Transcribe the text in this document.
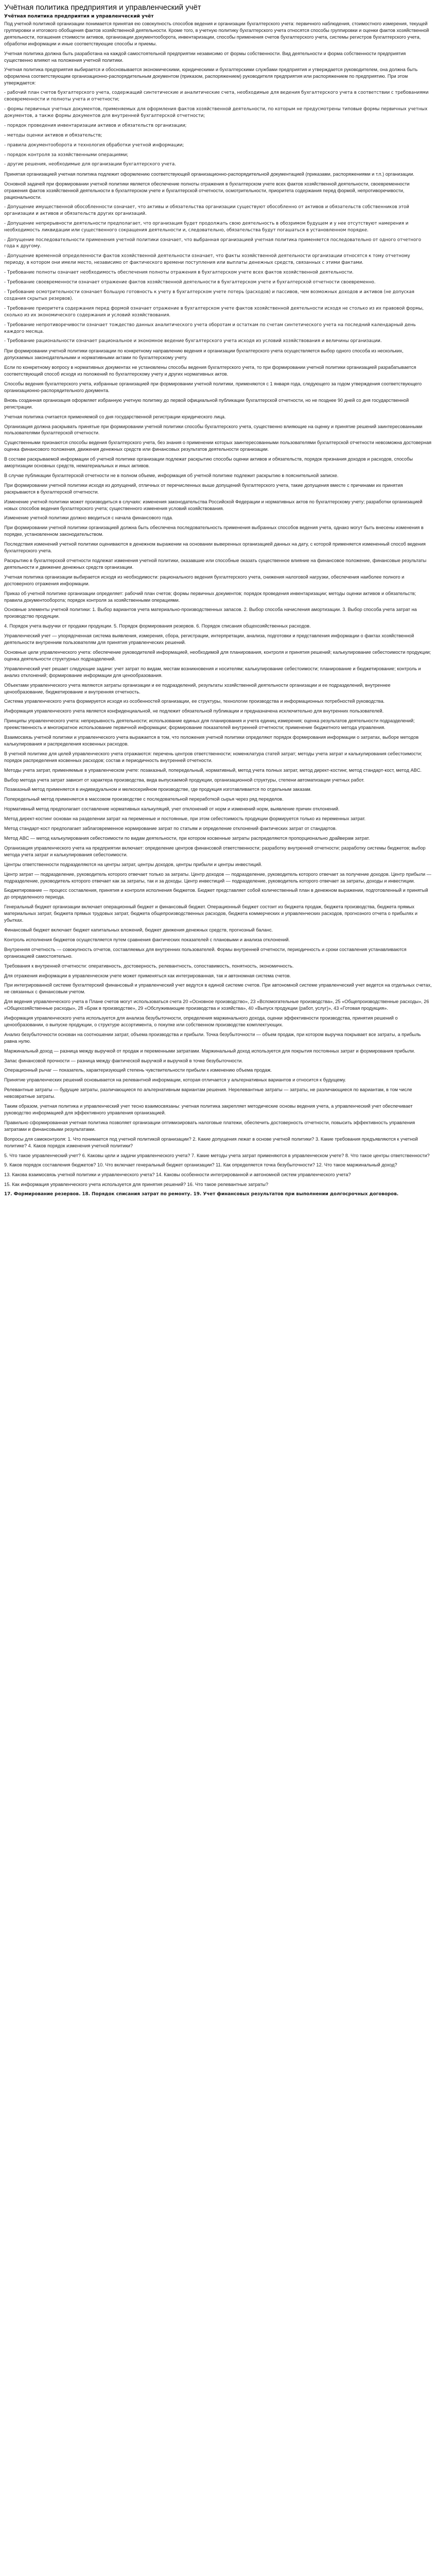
Учётная политика предприятия и управленческий учёт
Учётная политика предприятия и управленческий учёт

Под учетной политикой организации понимается принятая ею совокупность способов ведения и организации бухгалтерского учета: первичного наблюдения, стоимостного измерения, текущей группировки и итогового обобщения фактов хозяйственной деятельности. Кроме того, в учетную политику бухгалтерского учета относятся способы группировки и оценки фактов хозяйственной деятельности, погашения стоимости активов, организации документооборота, инвентаризации, способы применения счетов бухгалтерского учета, системы регистров бухгалтерского учета, обработки информации и иные соответствующие способы и приемы.

Учетная политика должна быть разработана на каждой самостоятельной предприятии независимо от формы собственности. Вид деятельности и форма собственности предприятия существенно влияют на положения учетной политики.

Учетная политика предприятия выбирается и обосновывается экономическими, юридическими и бухгалтерскими службами предприятия и утверждается руководителем, она должна быть оформлена соответствующим организационно-распорядительным документом (приказом, распоряжением) руководителя предприятия или распоряжением по предприятию. При этом утверждается:

- рабочий план счетов бухгалтерского учета, содержащий синтетические и аналитические счета, необходимые для ведения бухгалтерского учета в соответствии с требованиями своевременности и полноты учета и отчетности;

- формы первичных учетных документов, применяемых для оформления фактов хозяйственной деятельности, по которым не предусмотрены типовые формы первичных учетных документов, а также формы документов для внутренней бухгалтерской отчетности;

- порядок проведения инвентаризации активов и обязательств организации;

- методы оценки активов и обязательств;

- правила документооборота и технология обработки учетной информации;

- порядок контроля за хозяйственными операциями;

- другие решения, необходимые для организации бухгалтерского учета.

Принятая организацией учетная политика подлежит оформлению соответствующей организационно-распорядительной документацией (приказами, распоряжениями и т.п.) организации.

Основной задачей при формировании учетной политики является обеспечение полноты отражения в бухгалтерском учете всех фактов хозяйственной деятельности, своевременности отражения фактов хозяйственной деятельности в бухгалтерском учете и бухгалтерской отчетности, осмотрительности, приоритета содержания перед формой, непротиворечивости, рациональности.

- Допущение имущественной обособленности означает, что активы и обязательства организации существуют обособленно от активов и обязательств собственников этой организации и активов и обязательств других организаций.

- Допущение непрерывности деятельности предполагает, что организация будет продолжать свою деятельность в обозримом будущем и у нее отсутствуют намерения и необходимость ликвидации или существенного сокращения деятельности и, следовательно, обязательства будут погашаться в установленном порядке.

- Допущение последовательности применения учетной политики означает, что выбранная организацией учетная политика применяется последовательно от одного отчетного года к другому.

- Допущение временной определенности фактов хозяйственной деятельности означает, что факты хозяйственной деятельности организации относятся к тому отчетному периоду, в котором они имели место, независимо от фактического времени поступления или выплаты денежных средств, связанных с этими фактами.

- Требование полноты означает необходимость обеспечения полноты отражения в бухгалтерском учете всех фактов хозяйственной деятельности.

- Требование своевременности означает отражение фактов хозяйственной деятельности в бухгалтерском учете и бухгалтерской отчетности своевременно.

- Требование осмотрительности означает большую готовность к учету в бухгалтерском учете потерь (расходов) и пассивов, чем возможных доходов и активов (не допуская создания скрытых резервов).

- Требование приоритета содержания перед формой означает отражение в бухгалтерском учете фактов хозяйственной деятельности исходя не столько из их правовой формы, сколько из их экономического содержания и условий хозяйствования.

- Требование непротиворечивости означает тождество данных аналитического учета оборотам и остаткам по счетам синтетического учета на последний календарный день каждого месяца.

- Требование рациональности означает рациональное и экономное ведение бухгалтерского учета исходя из условий хозяйствования и величины организации.

При формировании учетной политики организации по конкретному направлению ведения и организации бухгалтерского учета осуществляется выбор одного способа из нескольких, допускаемых законодательными и нормативными актами по бухгалтерскому учету.

Если по конкретному вопросу в нормативных документах не установлены способы ведения бухгалтерского учета, то при формировании учетной политики организацией разрабатывается соответствующий способ исходя из положений по бухгалтерскому учету и других нормативных актов.

Способы ведения бухгалтерского учета, избранные организацией при формировании учетной политики, применяются с 1 января года, следующего за годом утверждения соответствующего организационно-распорядительного документа.

Вновь созданная организация оформляет избранную учетную политику до первой официальной публикации бухгалтерской отчетности, но не позднее 90 дней со дня государственной регистрации.

Учетная политика считается применяемой со дня государственной регистрации юридического лица.

Организация должна раскрывать принятые при формировании учетной политики способы бухгалтерского учета, существенно влияющие на оценку и принятие решений заинтересованными пользователями бухгалтерской отчетности.

Существенными признаются способы ведения бухгалтерского учета, без знания о применении которых заинтересованными пользователями бухгалтерской отчетности невозможна достоверная оценка финансового положения, движения денежных средств или финансовых результатов деятельности организации.

В составе раскрываемой информации об учетной политике организации подлежат раскрытию способы оценки активов и обязательств, порядок признания доходов и расходов, способы амортизации основных средств, нематериальных и иных активов.

В случае публикации бухгалтерской отчетности не в полном объеме, информация об учетной политике подлежит раскрытию в пояснительной записке.

При формировании учетной политики исходя из допущений, отличных от перечисленных выше допущений бухгалтерского учета, такие допущения вместе с причинами их принятия раскрываются в бухгалтерской отчетности.

Изменение учетной политики может производиться в случаях: изменения законодательства Российской Федерации и нормативных актов по бухгалтерскому учету; разработки организацией новых способов ведения бухгалтерского учета; существенного изменения условий хозяйствования.

Изменение учетной политики должно вводиться с начала финансового года.

При формировании учетной политики организацией должна быть обеспечена последовательность применения выбранных способов ведения учета, однако могут быть внесены изменения в порядке, установленном законодательством.

Последствия изменений учетной политики оцениваются в денежном выражении на основании выверенных организацией данных на дату, с которой применяется измененный способ ведения бухгалтерского учета.

Раскрытию в бухгалтерской отчетности подлежат изменения учетной политики, оказавшие или способные оказать существенное влияние на финансовое положение, финансовые результаты деятельности и движение денежных средств организации.

Учетная политика организации выбирается исходя из необходимости: рационального ведения бухгалтерского учета, снижения налоговой нагрузки, обеспечения наиболее полного и достоверного отражения информации.

Приказ об учетной политике организации определяет: рабочий план счетов; формы первичных документов; порядок проведения инвентаризации; методы оценки активов и обязательств; правила документооборота; порядок контроля за хозяйственными операциями.

Основные элементы учетной политики: 1. Выбор вариантов учета материально-производственных запасов. 2. Выбор способа начисления амортизации. 3. Выбор способа учета затрат на производство продукции.

4. Порядок учета выручки от продажи продукции. 5. Порядок формирования резервов. 6. Порядок списания общехозяйственных расходов.

Управленческий учет — упорядоченная система выявления, измерения, сбора, регистрации, интерпретации, анализа, подготовки и представления информации о фактах хозяйственной деятельности внутренним пользователям для принятия управленческих решений.

Основные цели управленческого учета: обеспечение руководителей информацией, необходимой для планирования, контроля и принятия решений; калькулирование себестоимости продукции; оценка деятельности структурных подразделений.

Управленческий учет решает следующие задачи: учет затрат по видам, местам возникновения и носителям; калькулирование себестоимости; планирование и бюджетирование; контроль и анализ отклонений; формирование информации для ценообразования.

Объектами управленческого учета являются затраты организации и ее подразделений, результаты хозяйственной деятельности организации и ее подразделений, внутреннее ценообразование, бюджетирование и внутренняя отчетность.

Система управленческого учета формируется исходя из особенностей организации, ее структуры, технологии производства и информационных потребностей руководства.

Информация управленческого учета является конфиденциальной, не подлежит обязательной публикации и предназначена исключительно для внутренних пользователей.

Принципы управленческого учета: непрерывность деятельности; использование единых для планирования и учета единиц измерения; оценка результатов деятельности подразделений; преемственность и многократное использование первичной информации; формирование показателей внутренней отчетности; применение бюджетного метода управления.

Взаимосвязь учетной политики и управленческого учета выражается в том, что положения учетной политики определяют порядок формирования информации о затратах, выборе методов калькулирования и распределения косвенных расходов.

В учетной политике для целей управленческого учета отражаются: перечень центров ответственности; номенклатура статей затрат; методы учета затрат и калькулирования себестоимости; порядок распределения косвенных расходов; состав и периодичность внутренней отчетности.

Методы учета затрат, применяемые в управленческом учете: позаказный, попередельный, нормативный, метод учета полных затрат, метод директ-костинг, метод стандарт-кост, метод ABC.

Выбор метода учета затрат зависит от характера производства, вида выпускаемой продукции, организационной структуры, степени автоматизации учетных работ.

Позаказный метод применяется в индивидуальном и мелкосерийном производстве, где продукция изготавливается по отдельным заказам.

Попередельный метод применяется в массовом производстве с последовательной переработкой сырья через ряд переделов.

Нормативный метод предполагает составление нормативных калькуляций, учет отклонений от норм и изменений норм, выявление причин отклонений.

Метод директ-костинг основан на разделении затрат на переменные и постоянные, при этом себестоимость продукции формируется только из переменных затрат.

Метод стандарт-кост предполагает заблаговременное нормирование затрат по статьям и определение отклонений фактических затрат от стандартов.

Метод ABC — метод калькулирования себестоимости по видам деятельности, при котором косвенные затраты распределяются пропорционально драйверам затрат.

Организация управленческого учета на предприятии включает: определение центров финансовой ответственности; разработку внутренней отчетности; разработку системы бюджетов; выбор метода учета затрат и калькулирования себестоимости.

Центры ответственности подразделяются на центры затрат, центры доходов, центры прибыли и центры инвестиций.

Центр затрат — подразделение, руководитель которого отвечает только за затраты. Центр доходов — подразделение, руководитель которого отвечает за получение доходов. Центр прибыли — подразделение, руководитель которого отвечает как за затраты, так и за доходы. Центр инвестиций — подразделение, руководитель которого отвечает за затраты, доходы и инвестиции.

Бюджетирование — процесс составления, принятия и контроля исполнения бюджетов. Бюджет представляет собой количественный план в денежном выражении, подготовленный и принятый до определенного периода.

Генеральный бюджет организации включает операционный бюджет и финансовый бюджет. Операционный бюджет состоит из бюджета продаж, бюджета производства, бюджета прямых материальных затрат, бюджета прямых трудовых затрат, бюджета общепроизводственных расходов, бюджета коммерческих и управленческих расходов, прогнозного отчета о прибылях и убытках.

Финансовый бюджет включает бюджет капитальных вложений, бюджет движения денежных средств, прогнозный баланс.

Контроль исполнения бюджетов осуществляется путем сравнения фактических показателей с плановыми и анализа отклонений.

Внутренняя отчетность — совокупность отчетов, составляемых для внутренних пользователей. Формы внутренней отчетности, периодичность и сроки составления устанавливаются организацией самостоятельно.

Требования к внутренней отчетности: оперативность, достоверность, релевантность, сопоставимость, понятность, экономичность.

Для отражения информации в управленческом учете может применяться как интегрированная, так и автономная система счетов.

При интегрированной системе бухгалтерский финансовый и управленческий учет ведутся в единой системе счетов. При автономной системе управленческий учет ведется на отдельных счетах, не связанных с финансовым учетом.

Для ведения управленческого учета в Плане счетов могут использоваться счета 20 «Основное производство», 23 «Вспомогательные производства», 25 «Общепроизводственные расходы», 26 «Общехозяйственные расходы», 28 «Брак в производстве», 29 «Обслуживающие производства и хозяйства», 40 «Выпуск продукции (работ, услуг)», 43 «Готовая продукция».

Информация управленческого учета используется для анализа безубыточности, определения маржинального дохода, оценки эффективности производства, принятия решений о ценообразовании, о выпуске продукции, о структуре ассортимента, о покупке или собственном производстве комплектующих.

Анализ безубыточности основан на соотношении затрат, объема производства и прибыли. Точка безубыточности — объем продаж, при котором выручка покрывает все затраты, а прибыль равна нулю.

Маржинальный доход — разница между выручкой от продаж и переменными затратами. Маржинальный доход используется для покрытия постоянных затрат и формирования прибыли.

Запас финансовой прочности — разница между фактической выручкой и выручкой в точке безубыточности.

Операционный рычаг — показатель, характеризующий степень чувствительности прибыли к изменению объема продаж.

Принятие управленческих решений основывается на релевантной информации, которая отличается у альтернативных вариантов и относится к будущему.

Релевантные затраты — будущие затраты, различающиеся по альтернативным вариантам решения. Нерелевантные затраты — затраты, не различающиеся по вариантам, в том числе невозвратные затраты.

Таким образом, учетная политика и управленческий учет тесно взаимосвязаны: учетная политика закрепляет методические основы ведения учета, а управленческий учет обеспечивает руководство информацией для эффективного управления организацией.

Правильно сформированная учетная политика позволяет организации оптимизировать налоговые платежи, обеспечить достоверность отчетности, повысить эффективность управления затратами и финансовыми результатами.

Вопросы для самоконтроля: 1. Что понимается под учетной политикой организации? 2. Какие допущения лежат в основе учетной политики? 3. Какие требования предъявляются к учетной политике? 4. Каков порядок изменения учетной политики?

5. Что такое управленческий учет? 6. Каковы цели и задачи управленческого учета? 7. Какие методы учета затрат применяются в управленческом учете? 8. Что такое центры ответственности?

9. Каков порядок составления бюджетов? 10. Что включает генеральный бюджет организации? 11. Как определяется точка безубыточности? 12. Что такое маржинальный доход?

13. Какова взаимосвязь учетной политики и управленческого учета? 14. Каковы особенности интегрированной и автономной систем управленческого учета?

15. Как информация управленческого учета используется для принятия решений? 16. Что такое релевантные затраты?

17. Формирование резервов. 18. Порядок списания затрат по ремонту. 19. Учет финансовых результатов при выполнении долгосрочных договоров.
